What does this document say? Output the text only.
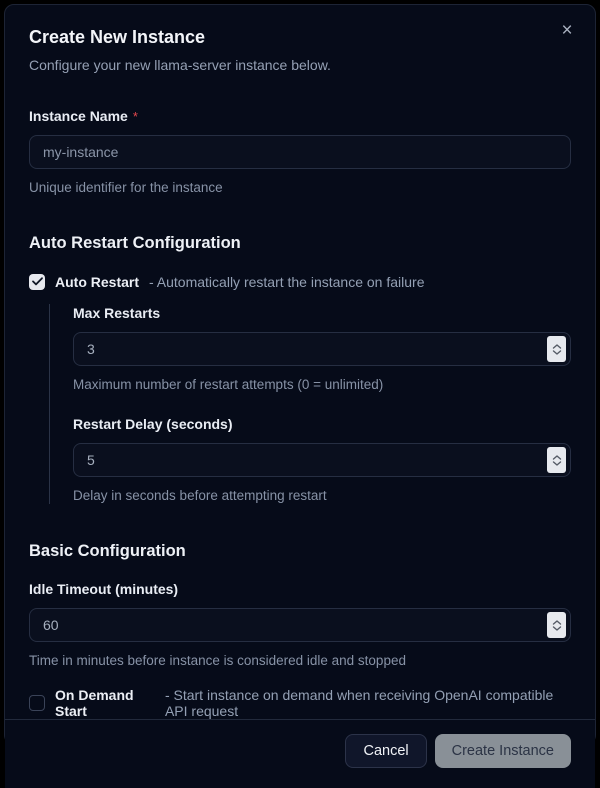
Create New Instance
Configure your new llama-server instance below.
×
Instance Name * my-instance
Unique identifier for the instance
Auto Restart Configuration
Auto Restart - Automatically restart the instance on failure
Max Restarts
3
Maximum number of restart attempts (0 = unlimited)
Restart Delay (seconds)
5
Delay in seconds before attempting restart
Basic Configuration
Idle Timeout (minutes)
60
Time in minutes before instance is considered idle and stopped
On Demand Start
- Start instance on demand when receiving OpenAI compatible API request
Cancel	Create Instance
